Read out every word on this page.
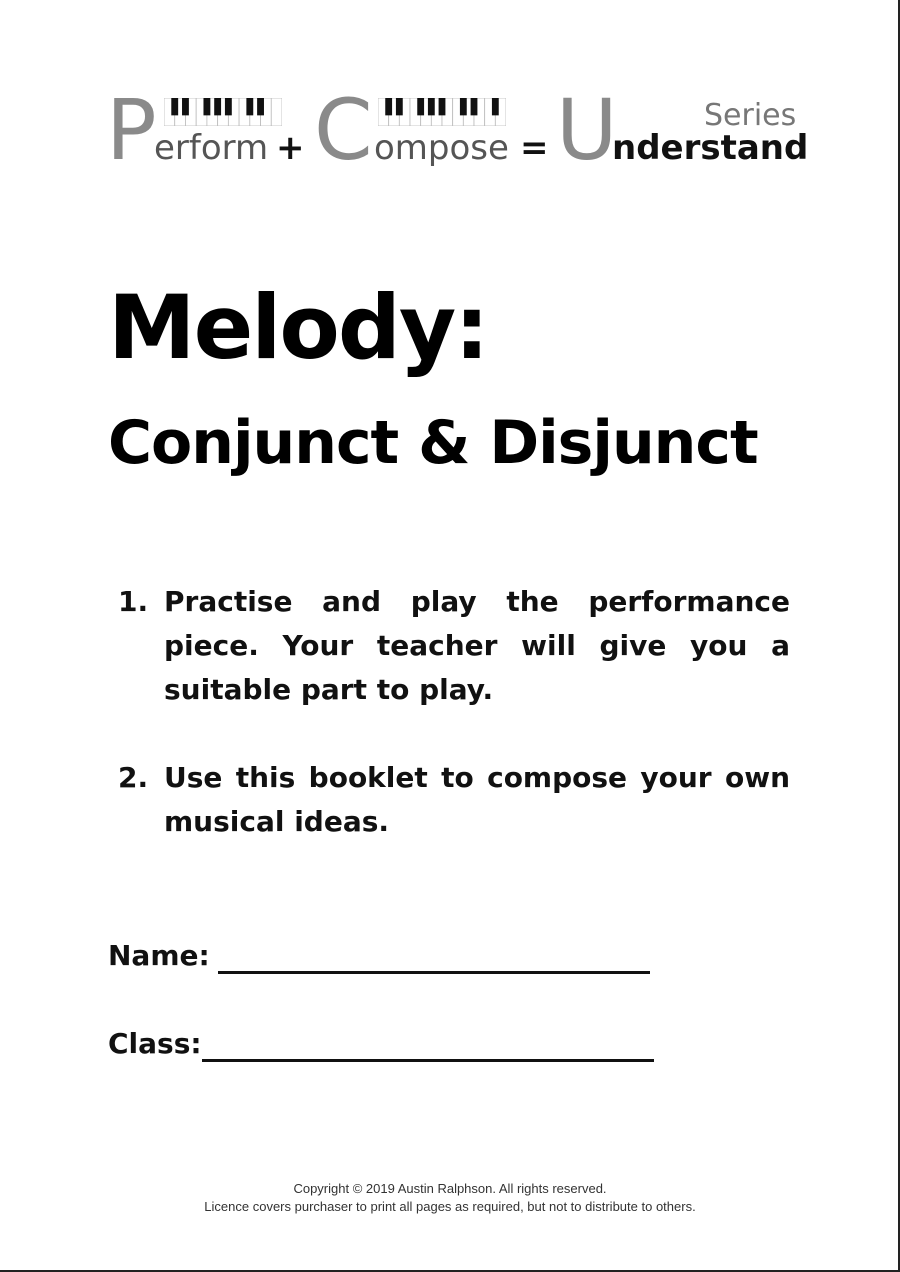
P
erform + C ompose = U
nderstand
Series
Melody:
Conjunct & Disjunct
1. Practise and play the performance piece. Your teacher will give you a suitable part to play.
2. Use this booklet to compose your own musical ideas.
Name:
Class:
Copyright © 2019 Austin Ralphson. All rights reserved.
Licence covers purchaser to print all pages as required, but not to distribute to others.
